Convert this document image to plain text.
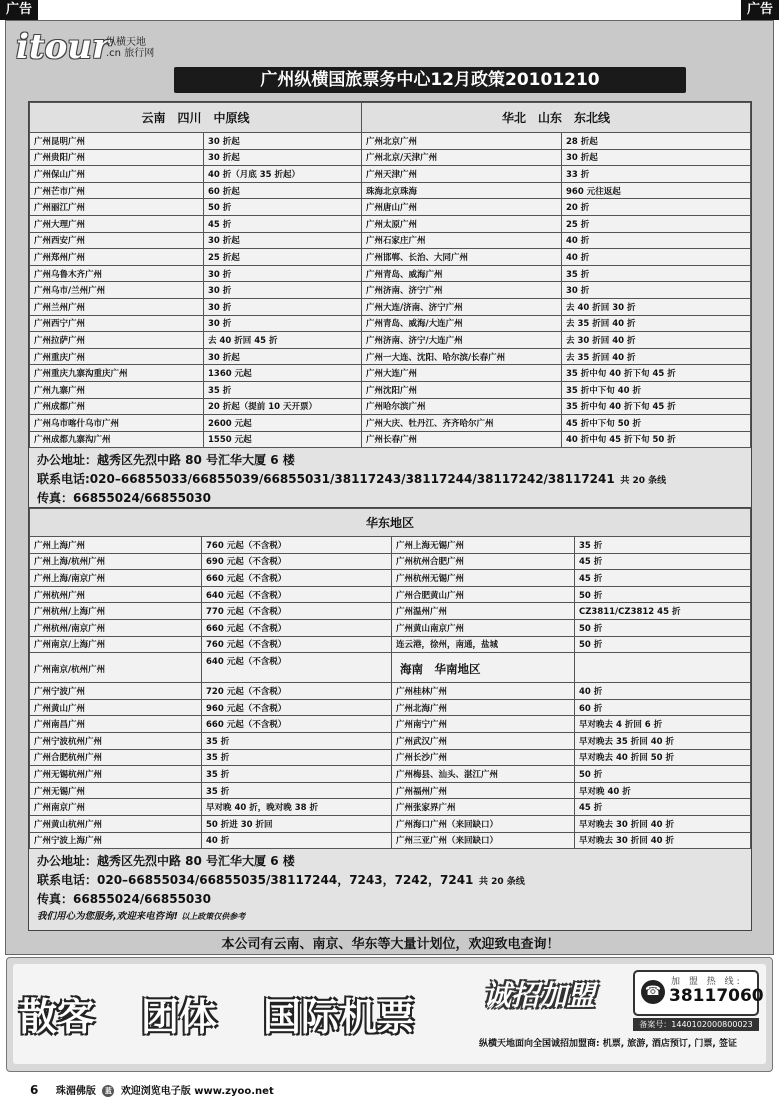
广告	广告
itour
纵横天地
.cn 旅行网
广州纵横国旅票务中心12月政策20101210
云南　四川　中原线		华北　山东　东北线	
广州昆明广州	30 折起	广州北京广州	28 折起
广州贵阳广州	30 折起	广州北京/天津广州	30 折起
广州保山广州	40 折（月底 35 折起）	广州天津广州	33 折
广州芒市广州	60 折起	珠海北京珠海	960 元往返起
广州丽江广州	50 折	广州唐山广州	20 折
广州大理广州	45 折	广州太原广州	25 折
广州西安广州	30 折起	广州石家庄广州	40 折
广州郑州广州	25 折起	广州邯郸、长治、大同广州	40 折
广州乌鲁木齐广州	30 折	广州青岛、威海广州	35 折
广州乌市/兰州广州	30 折	广州济南、济宁广州	30 折
广州兰州广州	30 折	广州大连/济南、济宁广州	去 40 折回 30 折
广州西宁广州	30 折	广州青岛、威海/大连广州	去 35 折回 40 折
广州拉萨广州	去 40 折回 45 折	广州济南、济宁/大连广州	去 30 折回 40 折
广州重庆广州	30 折起	广州一大连、沈阳、哈尔滨/长春广州	去 35 折回 40 折
广州重庆九寨沟重庆广州	1360 元起	广州大连广州	35 折中旬 40 折下旬 45 折
广州九寨广州	35 折	广州沈阳广州	35 折中下旬 40 折
广州成都广州	20 折起（提前 10 天开票）	广州哈尔滨广州	35 折中旬 40 折下旬 45 折
广州乌市喀什乌市广州	2600 元起	广州大庆、牡丹江、齐齐哈尔广州	45 折中下旬 50 折
广州成都九寨沟广州	1550 元起	广州长春广州	40 折中旬 45 折下旬 50 折
办公地址：越秀区先烈中路 80 号汇华大厦 6 楼
联系电话:020–66855033/66855039/66855031/38117243/38117244/38117242/38117241 共 20 条线
传真：66855024/66855030
华东地区			
广州上海广州	760 元起（不含税）	广州上海无锡广州	35 折
广州上海/杭州广州	690 元起（不含税）	广州杭州合肥广州	45 折
广州上海/南京广州	660 元起（不含税）	广州杭州无锡广州	45 折
广州杭州广州	640 元起（不含税）	广州合肥黄山广州	50 折
广州杭州/上海广州	770 元起（不含税）	广州温州广州	CZ3811/CZ3812 45 折
广州杭州/南京广州	660 元起（不含税）	广州黄山南京广州	50 折
广州南京/上海广州	760 元起（不含税）	连云港，徐州，南通，盐城	50 折
广州南京/杭州广州	640 元起（不含税）	海南　华南地区	
广州宁波广州	720 元起（不含税）	广州桂林广州	40 折
广州黄山广州	960 元起（不含税）	广州北海广州	60 折
广州南昌广州	660 元起（不含税）	广州南宁广州	早对晚去 4 折回 6 折
广州宁波杭州广州	35 折	广州武汉广州	早对晚去 35 折回 40 折
广州合肥杭州广州	35 折	广州长沙广州	早对晚去 40 折回 50 折
广州无锡杭州广州	35 折	广州梅县、汕头、湛江广州	50 折
广州无锡广州	35 折	广州福州广州	早对晚 40 折
广州南京广州	早对晚 40 折，晚对晚 38 折	广州张家界广州	45 折
广州黄山杭州广州	50 折进 30 折回	广州海口广州（来回缺口）	早对晚去 30 折回 40 折
广州宁波上海广州	40 折	广州三亚广州（来回缺口）	早对晚去 30 折回 40 折
办公地址：越秀区先烈中路 80 号汇华大厦 6 楼
联系电话：020–66855034/66855035/38117244，7243，7242，7241 共 20 条线
传真：66855024/66855030
我们用心为您服务,欢迎来电咨询! 以上政策仅供参考
本公司有云南、南京、华东等大量计划位，欢迎致电查询！
散客 团体 国际机票 诚招加盟	☎
加 盟 热 线:
38117060
备案号：1440102000800023
纵横天地面向全国诚招加盟商: 机票, 旅游, 酒店预订, 门票, 签证
6 珠湄佛版 蓝 欢迎浏览电子版 www.zyoo.net
